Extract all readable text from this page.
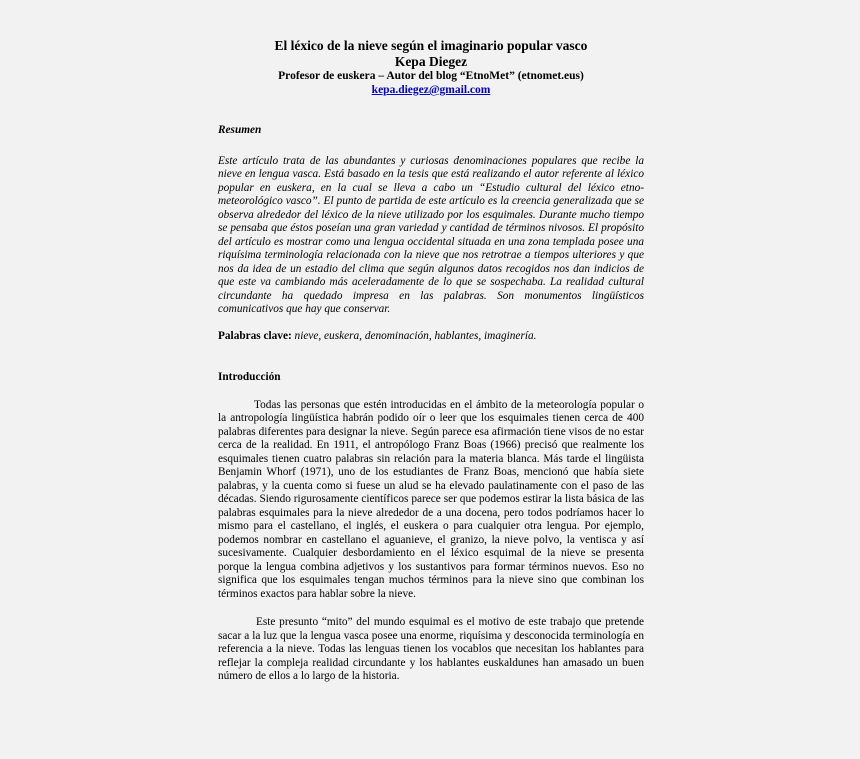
El léxico de la nieve según el imaginario popular vasco
Kepa Diegez
Profesor de euskera – Autor del blog “EtnoMet” (etnomet.eus)
kepa.diegez@gmail.com

Resumen

Este artículo trata de las abundantes y curiosas denominaciones populares que recibe la nieve en lengua vasca. Está basado en la tesis que está realizando el autor referente al léxico popular en euskera, en la cual se lleva a cabo un “Estudio cultural del léxico etno-meteorológico vasco”. El punto de partida de este artículo es la creencia generalizada que se observa alrededor del léxico de la nieve utilizado por los esquimales. Durante mucho tiempo se pensaba que éstos poseían una gran variedad y cantidad de términos nivosos. El propósito del artículo es mostrar como una lengua occidental situada en una zona templada posee una riquísima terminología relacionada con la nieve que nos retrotrae a tiempos ulteriores y que nos da idea de un estadio del clima que según algunos datos recogidos nos dan indicios de que este va cambiando más aceleradamente de lo que se sospechaba. La realidad cultural circundante ha quedado impresa en las palabras. Son monumentos lingüísticos comunicativos que hay que conservar.

Palabras clave: nieve, euskera, denominación, hablantes, imaginería.

Introducción

Todas las personas que estén introducidas en el ámbito de la meteorología popular o la antropología lingüística habrán podido oír o leer que los esquimales tienen cerca de 400 palabras diferentes para designar la nieve. Según parece esa afirmación tiene visos de no estar cerca de la realidad. En 1911, el antropólogo Franz Boas (1966) precisó que realmente los esquimales tienen cuatro palabras sin relación para la materia blanca. Más tarde el lingüista Benjamin Whorf (1971), uno de los estudiantes de Franz Boas, mencionó que había siete palabras, y la cuenta como si fuese un alud se ha elevado paulatinamente con el paso de las décadas. Siendo rigurosamente científicos parece ser que podemos estirar la lista básica de las palabras esquimales para la nieve alrededor de a una docena, pero todos podríamos hacer lo mismo para el castellano, el inglés, el euskera o para cualquier otra lengua. Por ejemplo, podemos nombrar en castellano el aguanieve, el granizo, la nieve polvo, la ventisca y así sucesivamente. Cualquier desbordamiento en el léxico esquimal de la nieve se presenta porque la lengua combina adjetivos y los sustantivos para formar términos nuevos. Eso no significa que los esquimales tengan muchos términos para la nieve sino que combinan los términos exactos para hablar sobre la nieve.

Este presunto “mito” del mundo esquimal es el motivo de este trabajo que pretende sacar a la luz que la lengua vasca posee una enorme, riquísima y desconocida terminología en referencia a la nieve. Todas las lenguas tienen los vocablos que necesitan los hablantes para reflejar la compleja realidad circundante y los hablantes euskaldunes han amasado un buen número de ellos a lo largo de la historia.
